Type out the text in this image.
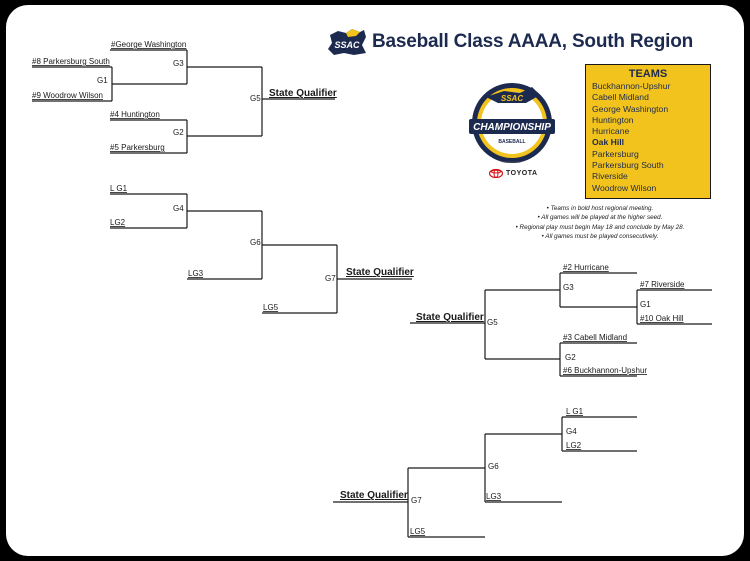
#George Washington
#8 Parkersburg South
G1
#9 Woodrow Wilson
G3
#4 Huntington
G2
#5 Parkersburg
G5 State Qualifier
L G1
G4
LG2
G6
LG3
G7
State Qualifier
LG5
#2 Hurricane
G3	#7 Riverside
G1
#10 Oak Hill
#3 Cabell Midland
G2
#6 Buckhannon-Upshur
State Qualifier G5
L G1
G4
LG2
G6
LG3
State Qualifier G7
LG5
SSAC Baseball Class AAAA, South Region
SSAC
CHAMPIONSHIP
BASEBALL
PRESENTED BY
TOYOTA
TEAMS
Buckhannon-Upshur
Cabell Midland
George Washington
Huntington
Hurricane
Oak Hill
Parkersburg
Parkersburg South
Riverside
Woodrow Wilson
• Teams in bold host regional meeting.
• All games will be played at the higher seed.
• Regional play must begin May 18 and conclude by May 28.
• All games must be played consecutively.
